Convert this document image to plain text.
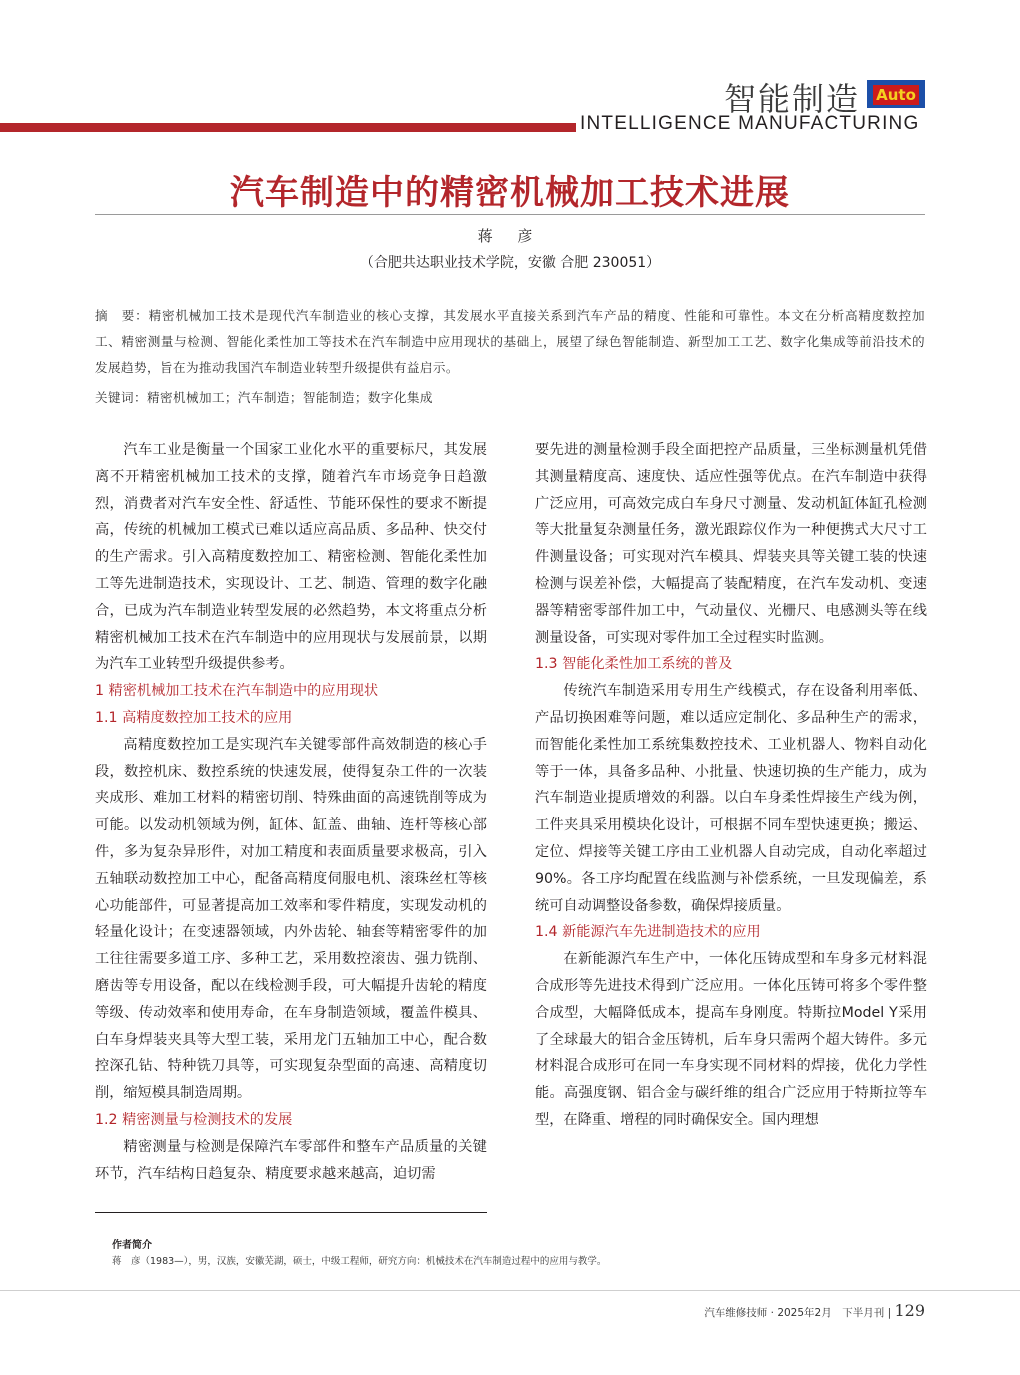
智能制造 Auto
INTELLIGENCE MANUFACTURING
汽车制造中的精密机械加工技术进展
蒋 彦
（合肥共达职业技术学院，安徽 合肥 230051）
摘　要：精密机械加工技术是现代汽车制造业的核心支撑，其发展水平直接关系到汽车产品的精度、性能和可靠性。本文在分析高精度数控加工、精密测量与检测、智能化柔性加工等技术在汽车制造中应用现状的基础上，展望了绿色智能制造、新型加工工艺、数字化集成等前沿技术的发展趋势，旨在为推动我国汽车制造业转型升级提供有益启示。
关键词：精密机械加工；汽车制造；智能制造；数字化集成

汽车工业是衡量一个国家工业化水平的重要标尺，其发展离不开精密机械加工技术的支撑，随着汽车市场竞争日趋激烈，消费者对汽车安全性、舒适性、节能环保性的要求不断提高，传统的机械加工模式已难以适应高品质、多品种、快交付的生产需求。引入高精度数控加工、精密检测、智能化柔性加工等先进制造技术，实现设计、工艺、制造、管理的数字化融合，已成为汽车制造业转型发展的必然趋势，本文将重点分析精密机械加工技术在汽车制造中的应用现状与发展前景，以期为汽车工业转型升级提供参考。

1 精密机械加工技术在汽车制造中的应用现状

1.1 高精度数控加工技术的应用

高精度数控加工是实现汽车关键零部件高效制造的核心手段，数控机床、数控系统的快速发展，使得复杂工件的一次装夹成形、难加工材料的精密切削、特殊曲面的高速铣削等成为可能。以发动机领域为例，缸体、缸盖、曲轴、连杆等核心部件，多为复杂异形件，对加工精度和表面质量要求极高，引入五轴联动数控加工中心，配备高精度伺服电机、滚珠丝杠等核心功能部件，可显著提高加工效率和零件精度，实现发动机的轻量化设计；在变速器领域，内外齿轮、轴套等精密零件的加工往往需要多道工序、多种工艺，采用数控滚齿、强力铣削、磨齿等专用设备，配以在线检测手段，可大幅提升齿轮的精度等级、传动效率和使用寿命，在车身制造领域，覆盖件模具、白车身焊装夹具等大型工装，采用龙门五轴加工中心，配合数控深孔钻、特种铣刀具等，可实现复杂型面的高速、高精度切削，缩短模具制造周期。

1.2 精密测量与检测技术的发展

精密测量与检测是保障汽车零部件和整车产品质量的关键环节，汽车结构日趋复杂、精度要求越来越高，迫切需

要先进的测量检测手段全面把控产品质量，三坐标测量机凭借其测量精度高、速度快、适应性强等优点。在汽车制造中获得广泛应用，可高效完成白车身尺寸测量、发动机缸体缸孔检测等大批量复杂测量任务，激光跟踪仪作为一种便携式大尺寸工件测量设备；可实现对汽车模具、焊装夹具等关键工装的快速检测与误差补偿，大幅提高了装配精度，在汽车发动机、变速器等精密零部件加工中，气动量仪、光栅尺、电感测头等在线测量设备，可实现对零件加工全过程实时监测。

1.3 智能化柔性加工系统的普及

传统汽车制造采用专用生产线模式，存在设备利用率低、产品切换困难等问题，难以适应定制化、多品种生产的需求，而智能化柔性加工系统集数控技术、工业机器人、物料自动化等于一体，具备多品种、小批量、快速切换的生产能力，成为汽车制造业提质增效的利器。以白车身柔性焊接生产线为例，工件夹具采用模块化设计，可根据不同车型快速更换；搬运、定位、焊接等关键工序由工业机器人自动完成，自动化率超过90%。各工序均配置在线监测与补偿系统，一旦发现偏差，系统可自动调整设备参数，确保焊接质量。

1.4 新能源汽车先进制造技术的应用

在新能源汽车生产中，一体化压铸成型和车身多元材料混合成形等先进技术得到广泛应用。一体化压铸可将多个零件整合成型，大幅降低成本，提高车身刚度。特斯拉Model Y采用了全球最大的铝合金压铸机，后车身只需两个超大铸件。多元材料混合成形可在同一车身实现不同材料的焊接，优化力学性能。高强度钢、铝合金与碳纤维的组合广泛应用于特斯拉等车型，在降重、增程的同时确保安全。国内理想

作者简介
蒋　彦（1983—），男，汉族，安徽芜湖，硕士，中级工程师，研究方向：机械技术在汽车制造过程中的应用与教学。
汽车维修技师 · 2025年2月　下半月刊 | 129
